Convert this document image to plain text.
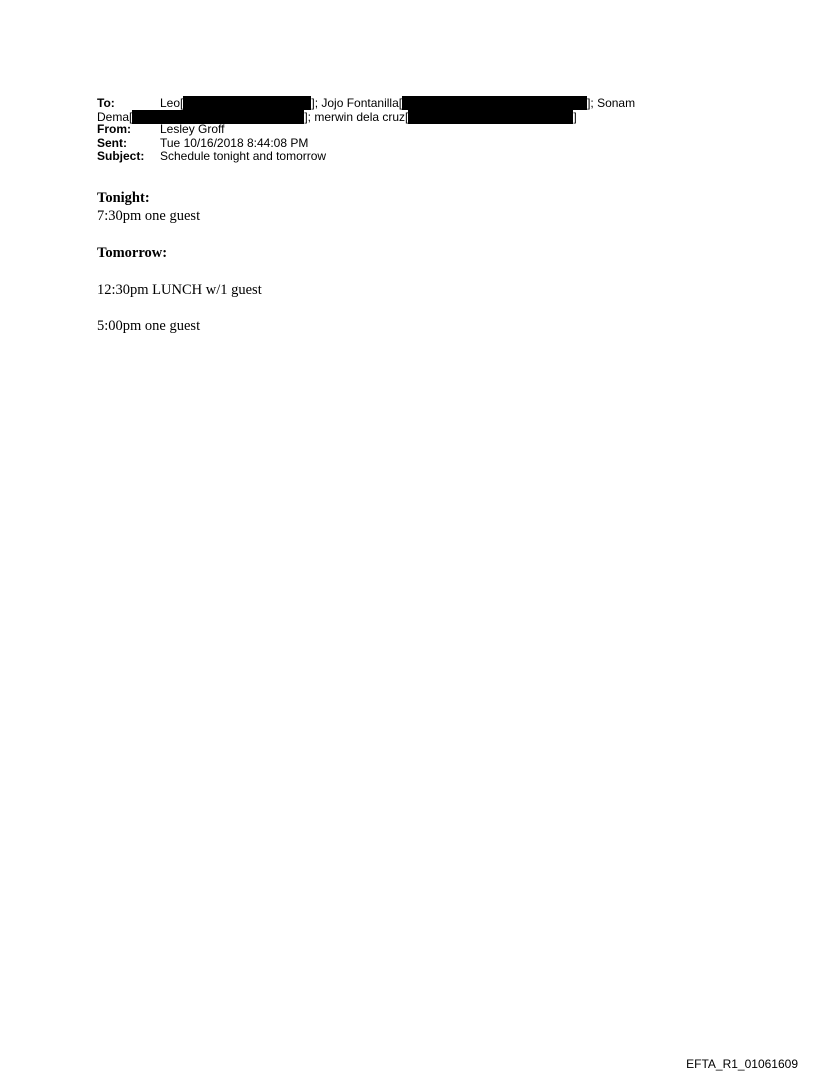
To:	Leo[	]; Jojo Fontanilla[	]; Sonam
Dema[	]; merwin dela cruz[	]
From: Lesley Groff
Sent:	Tue 10/16/2018 8:44:08 PM
Subject: Schedule tonight and tomorrow
Tonight:
7:30pm one guest
Tomorrow:
12:30pm LUNCH w/1 guest
5:00pm one guest
EFTA_R1_01061609
